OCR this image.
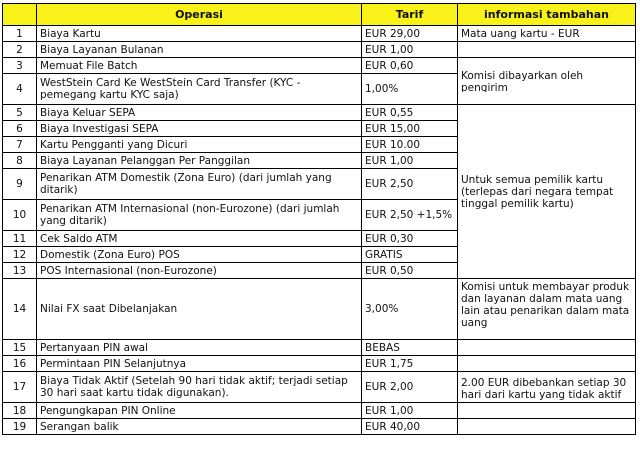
	Operasi	Tarif	informasi tambahan
1	Biaya Kartu	EUR 29,00	Mata uang kartu - EUR
2	Biaya Layanan Bulanan	EUR 1,00	
3	Memuat File Batch	EUR 0,60	Komisi dibayarkan oleh pengirim

4	WestStein Card Ke WestStein Card Transfer (KYC - pemegang kartu KYC saja)	1,00%	
5	Biaya Keluar SEPA	EUR 0,55	Untuk semua pemilik kartu (terlepas dari negara tempat tinggal pemilik kartu)
6	Biaya Investigasi SEPA	EUR 15,00	
7	Kartu Pengganti yang Dicuri	EUR 10.00	
8	Biaya Layanan Pelanggan Per Panggilan	EUR 1,00	
9	Penarikan ATM Domestik (Zona Euro) (dari jumlah yang ditarik)	EUR 2,50	
10	Penarikan ATM Internasional (non-Eurozone) (dari jumlah yang ditarik)	EUR 2,50 +1,5%	
11	Cek Saldo ATM	EUR 0,30	
12	Domestik (Zona Euro) POS	GRATIS	
13	POS Internasional (non-Eurozone)	EUR 0,50	
14	Nilai FX saat Dibelanjakan	3,00%	Komisi untuk membayar produk dan layanan dalam mata uang lain atau penarikan dalam mata uang

15	Pertanyaan PIN awal	BEBAS	
16	Permintaan PIN Selanjutnya	EUR 1,75	
17	Biaya Tidak Aktif (Setelah 90 hari tidak aktif; terjadi setiap 30 hari saat kartu tidak digunakan).	EUR 2,00	2.00 EUR dibebankan setiap 30 hari dari kartu yang tidak aktif

18	Pengungkapan PIN Online	EUR 1,00	
19	Serangan balik	EUR 40,00	
